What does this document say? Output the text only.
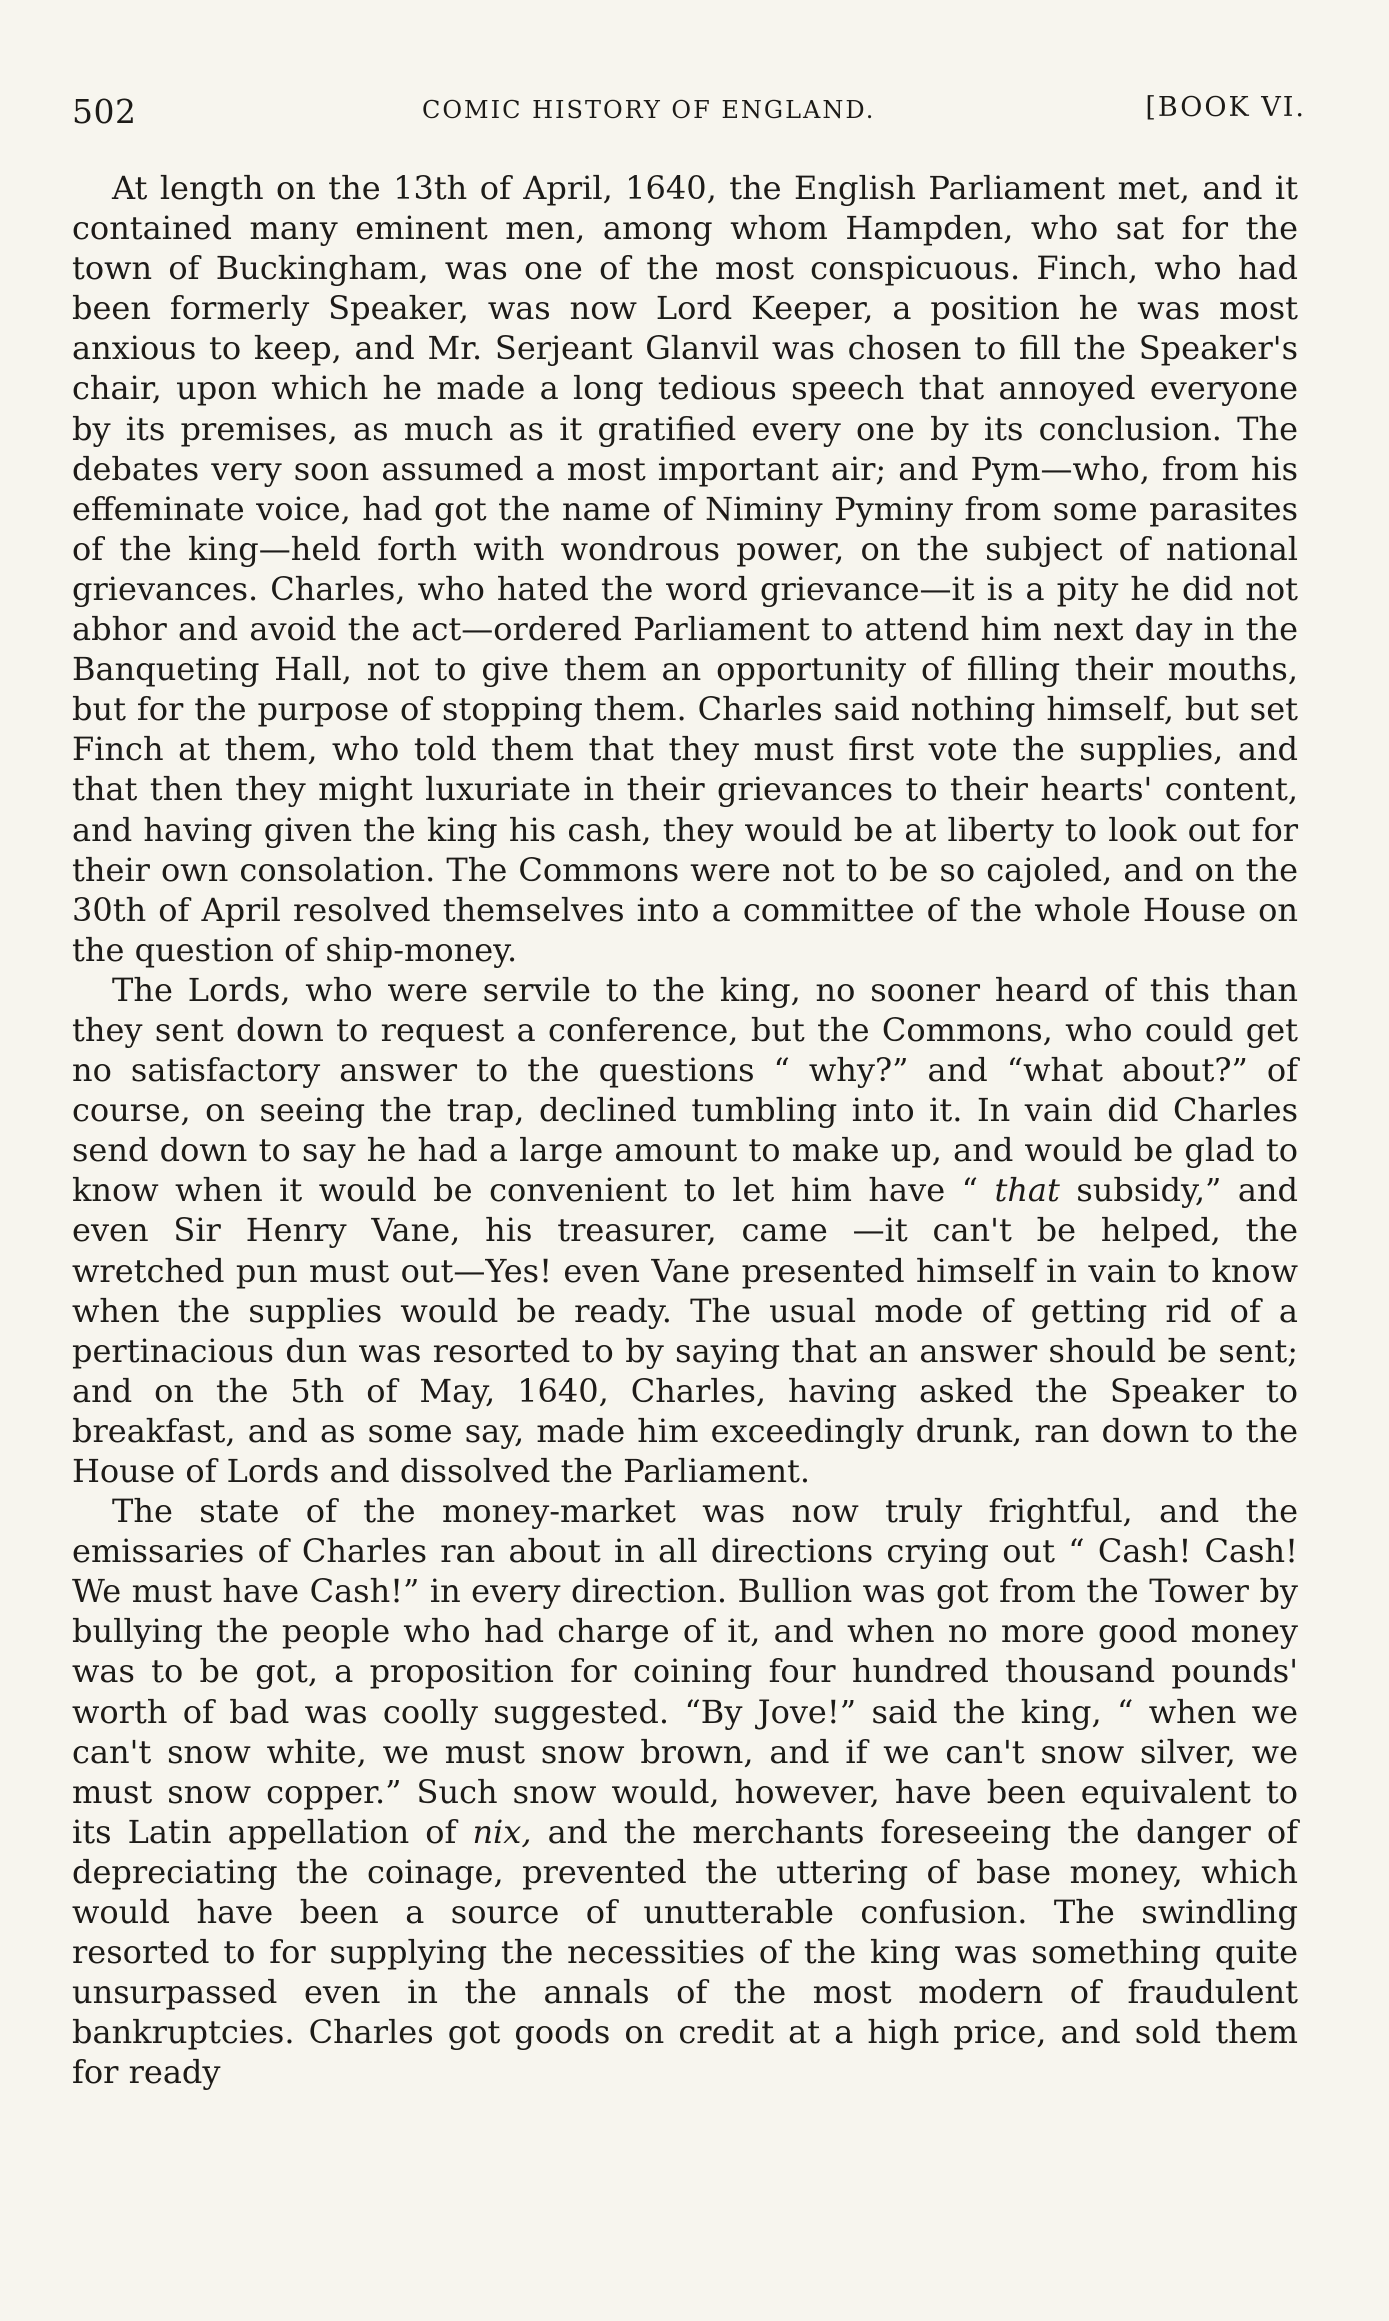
502	COMIC HISTORY OF ENGLAND.	[BOOK VI.

At length on the 13th of April, 1640, the English Parliament met, and it contained many eminent men, among whom Hampden, who sat for the town of Buckingham, was one of the most conspicuous. Finch, who had been formerly Speaker, was now Lord Keeper, a position he was most anxious to keep, and Mr. Serjeant Glanvil was chosen to fill the Speaker's chair, upon which he made a long tedious speech that annoyed everyone by its premises, as much as it gratified every one by its conclusion. The debates very soon assumed a most important air; and Pym—who, from his effeminate voice, had got the name of Niminy Pyminy from some parasites of the king—held forth with wondrous power, on the subject of national grievances. Charles, who hated the word grievance—it is a pity he did not abhor and avoid the act—ordered Parliament to attend him next day in the Banqueting Hall, not to give them an opportunity of filling their mouths, but for the purpose of stopping them. Charles said nothing himself, but set Finch at them, who told them that they must first vote the supplies, and that then they might luxuriate in their grievances to their hearts' content, and having given the king his cash, they would be at liberty to look out for their own consolation. The Commons were not to be so cajoled, and on the 30th of April resolved themselves into a committee of the whole House on the question of ship-money.

The Lords, who were servile to the king, no sooner heard of this than they sent down to request a conference, but the Commons, who could get no satisfactory answer to the questions “ why?” and “what about?” of course, on seeing the trap, declined tumbling into it. In vain did Charles send down to say he had a large amount to make up, and would be glad to know when it would be convenient to let him have “ that subsidy,” and even Sir Henry Vane, his treasurer, came —it can't be helped, the wretched pun must out—Yes! even Vane presented himself in vain to know when the supplies would be ready. The usual mode of getting rid of a pertinacious dun was resorted to by saying that an answer should be sent; and on the 5th of May, 1640, Charles, having asked the Speaker to breakfast, and as some say, made him exceedingly drunk, ran down to the House of Lords and dissolved the Parliament.

The state of the money-market was now truly frightful, and the emissaries of Charles ran about in all directions crying out “ Cash! Cash! We must have Cash!” in every direction. Bullion was got from the Tower by bullying the people who had charge of it, and when no more good money was to be got, a proposition for coining four hundred thousand pounds' worth of bad was coolly suggested. “By Jove!” said the king, “ when we can't snow white, we must snow brown, and if we can't snow silver, we must snow copper.” Such snow would, however, have been equivalent to its Latin appellation of nix, and the merchants foreseeing the danger of depreciating the coinage, prevented the uttering of base money, which would have been a source of unutterable confusion. The swindling resorted to for supplying the necessities of the king was something quite unsurpassed even in the annals of the most modern of fraudulent bankruptcies. Charles got goods on credit at a high price, and sold them for ready
